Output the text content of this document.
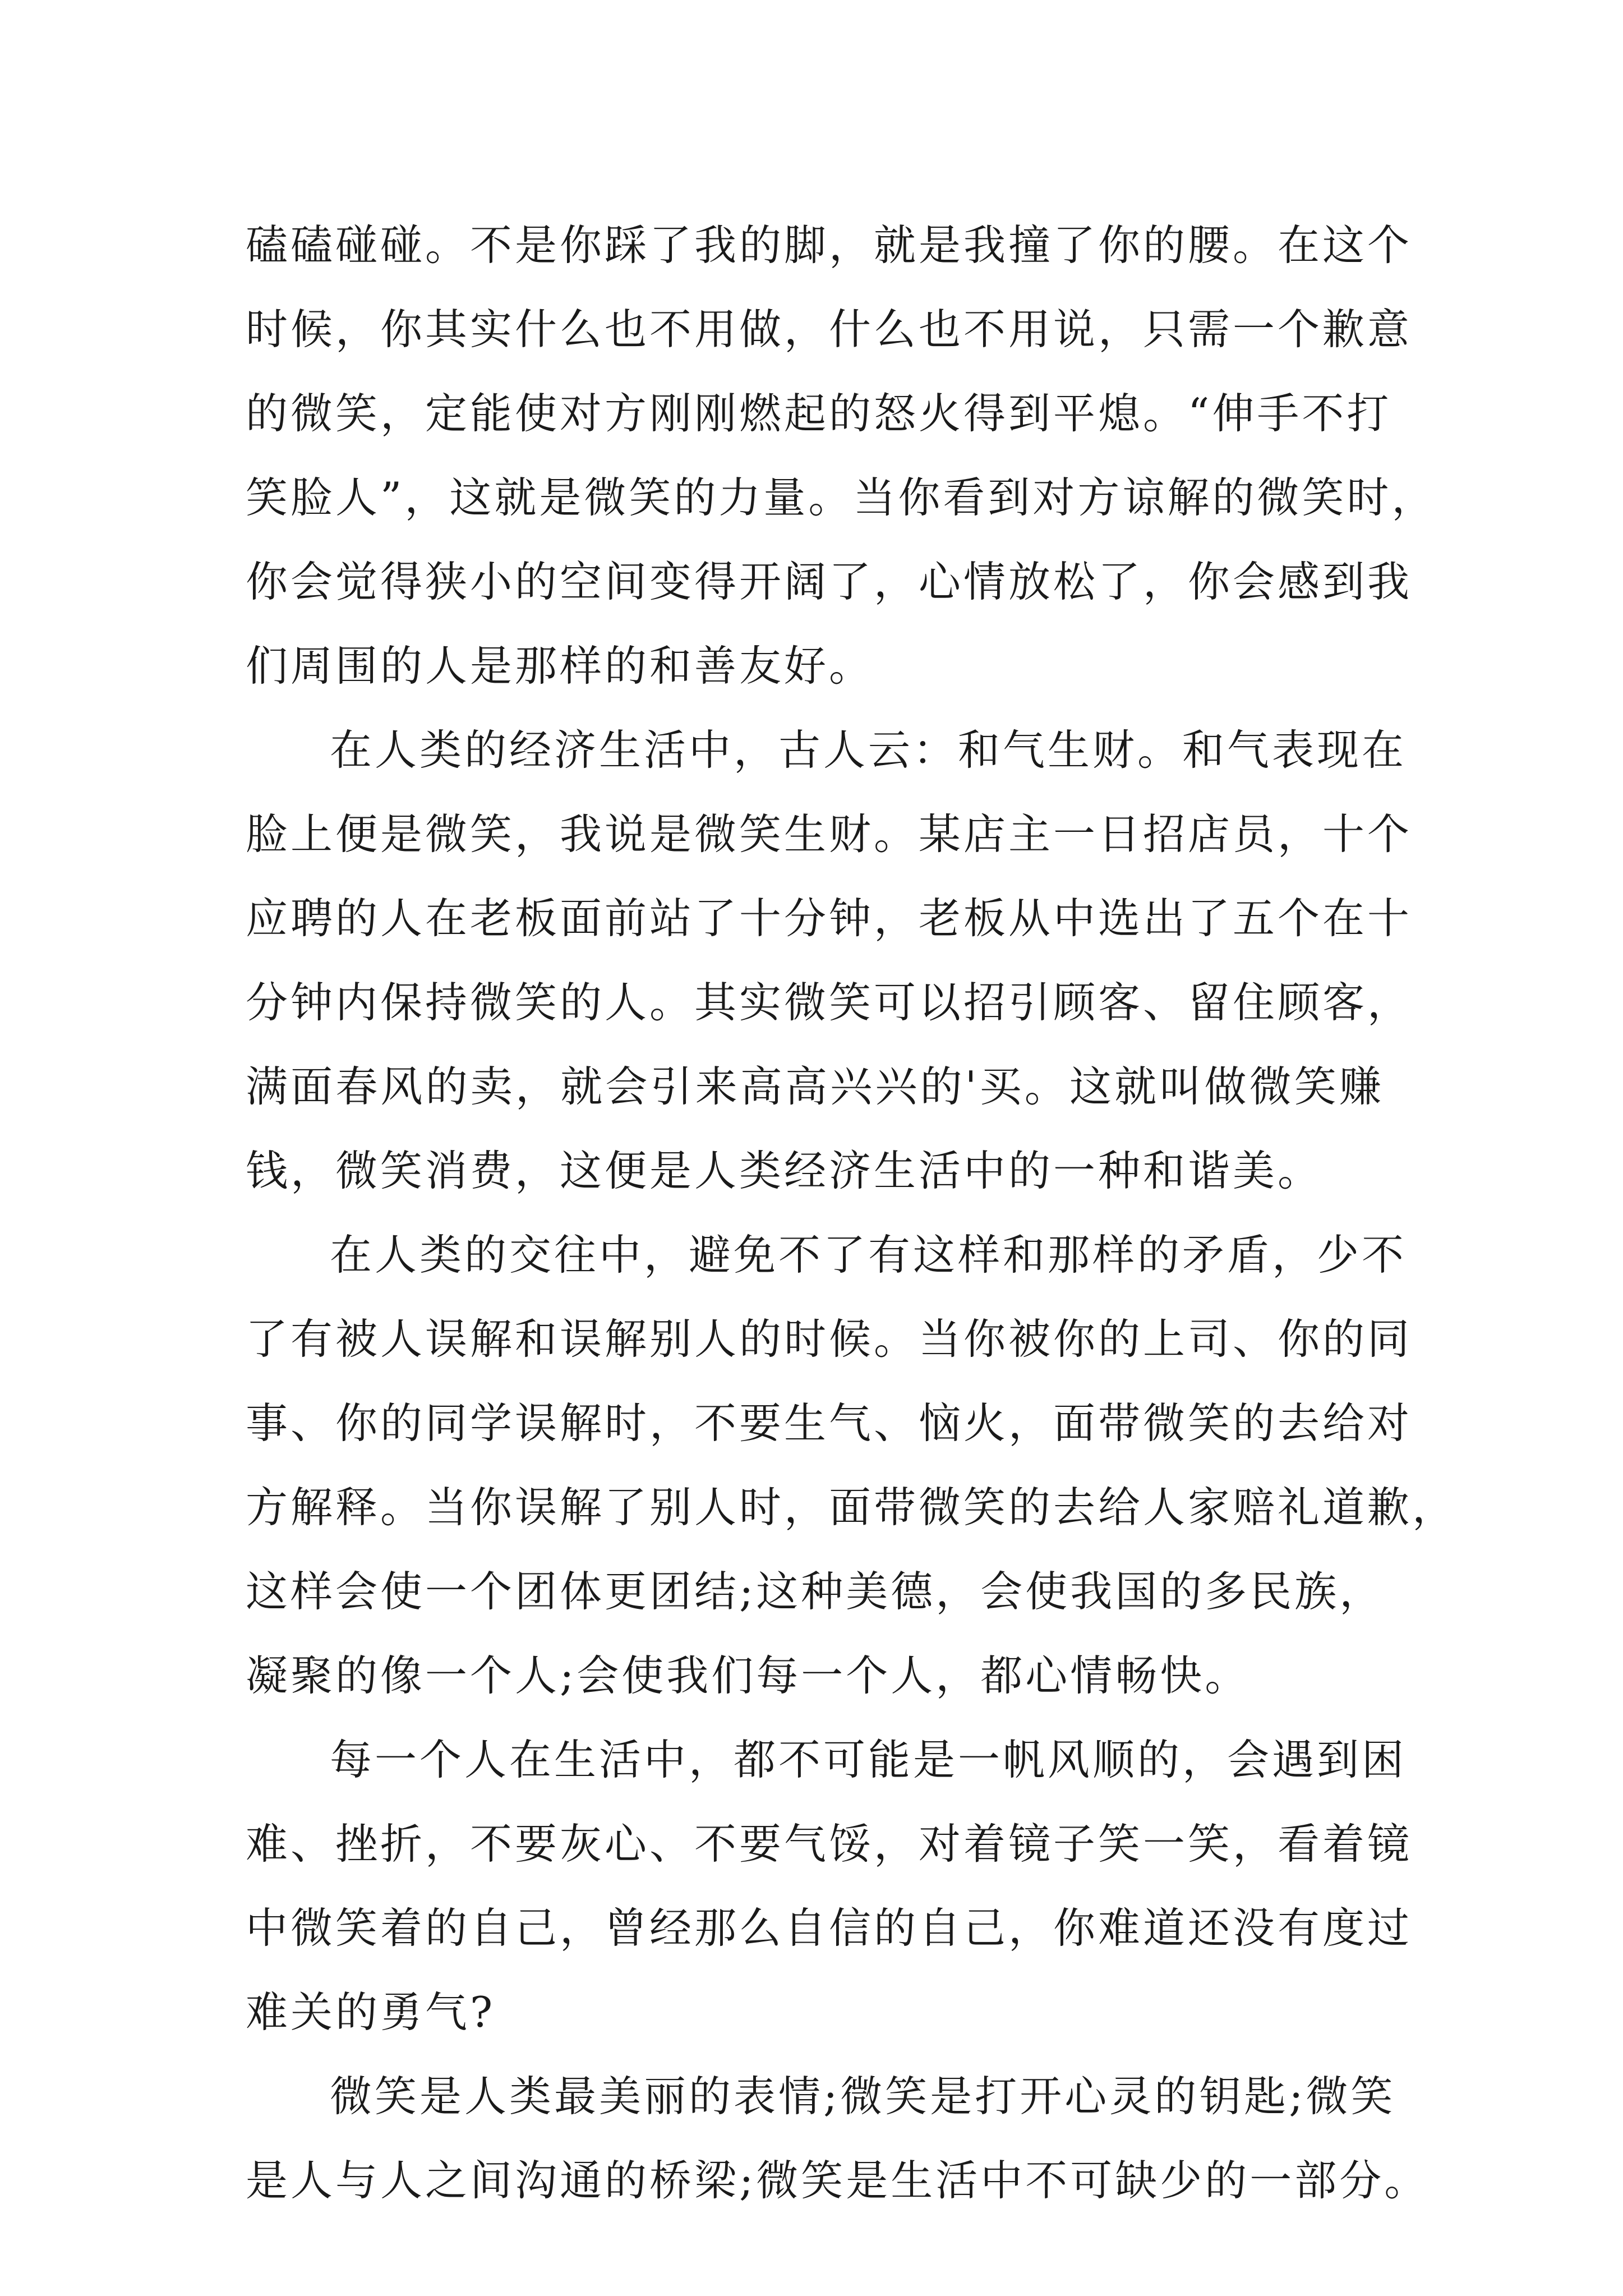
磕磕碰碰。不是你踩了我的脚，就是我撞了你的腰。在这个
时候，你其实什么也不用做，什么也不用说，只需一个歉意
的微笑，定能使对方刚刚燃起的怒火得到平熄。“伸手不打
笑脸人”，这就是微笑的力量。当你看到对方谅解的微笑时，
你会觉得狭小的空间变得开阔了，心情放松了，你会感到我
们周围的人是那样的和善友好。
在人类的经济生活中，古人云：和气生财。和气表现在
脸上便是微笑，我说是微笑生财。某店主一日招店员，十个
应聘的人在老板面前站了十分钟，老板从中选出了五个在十
分钟内保持微笑的人。其实微笑可以招引顾客、留住顾客，
满面春风的卖，就会引来高高兴兴的'买。这就叫做微笑赚
钱，微笑消费，这便是人类经济生活中的一种和谐美。
在人类的交往中，避免不了有这样和那样的矛盾，少不
了有被人误解和误解别人的时候。当你被你的上司、你的同
事、你的同学误解时，不要生气、恼火，面带微笑的去给对
方解释。当你误解了别人时，面带微笑的去给人家赔礼道歉，
这样会使一个团体更团结;这种美德，会使我国的多民族，
凝聚的像一个人;会使我们每一个人，都心情畅快。
每一个人在生活中，都不可能是一帆风顺的，会遇到困
难、挫折，不要灰心、不要气馁，对着镜子笑一笑，看着镜
中微笑着的自己，曾经那么自信的自己，你难道还没有度过
难关的勇气?
微笑是人类最美丽的表情;微笑是打开心灵的钥匙;微笑
是人与人之间沟通的桥梁;微笑是生活中不可缺少的一部分。
